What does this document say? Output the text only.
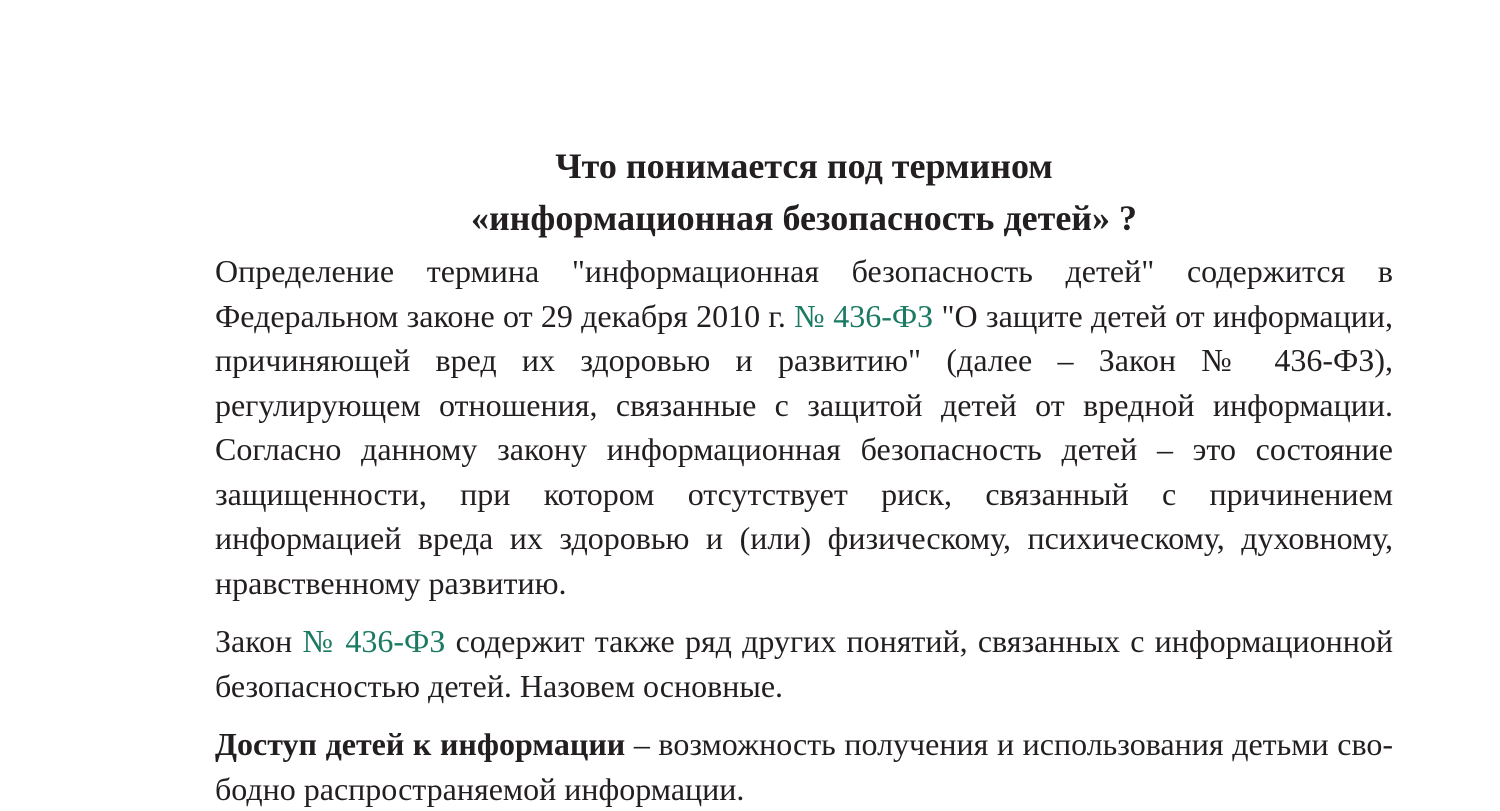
Что понимается под термином
«информационная безопасность детей» ?

Определение термина "информационная безопасность детей" содержится в Федеральном законе от 29 декабря 2010 г. № 436-ФЗ "О защите детей от информации, причиняющей вред их здоровью и развитию" (далее – Закон № 436-ФЗ), регулирующем отношения, связанные с защитой детей от вредной информации. Согласно данному закону информационная безопасность детей – это состояние защищенности, при котором отсутствует риск, связанный с причинением информацией вреда их здоровью и (или) физическому, психическому, духовному, нравственному развитию.

Закон № 436-ФЗ содержит также ряд других понятий, связанных с информационной безопасностью детей. Назовем основные.

Доступ детей к информации – возможность получения и использования детьми свободно распространяемой информации.
